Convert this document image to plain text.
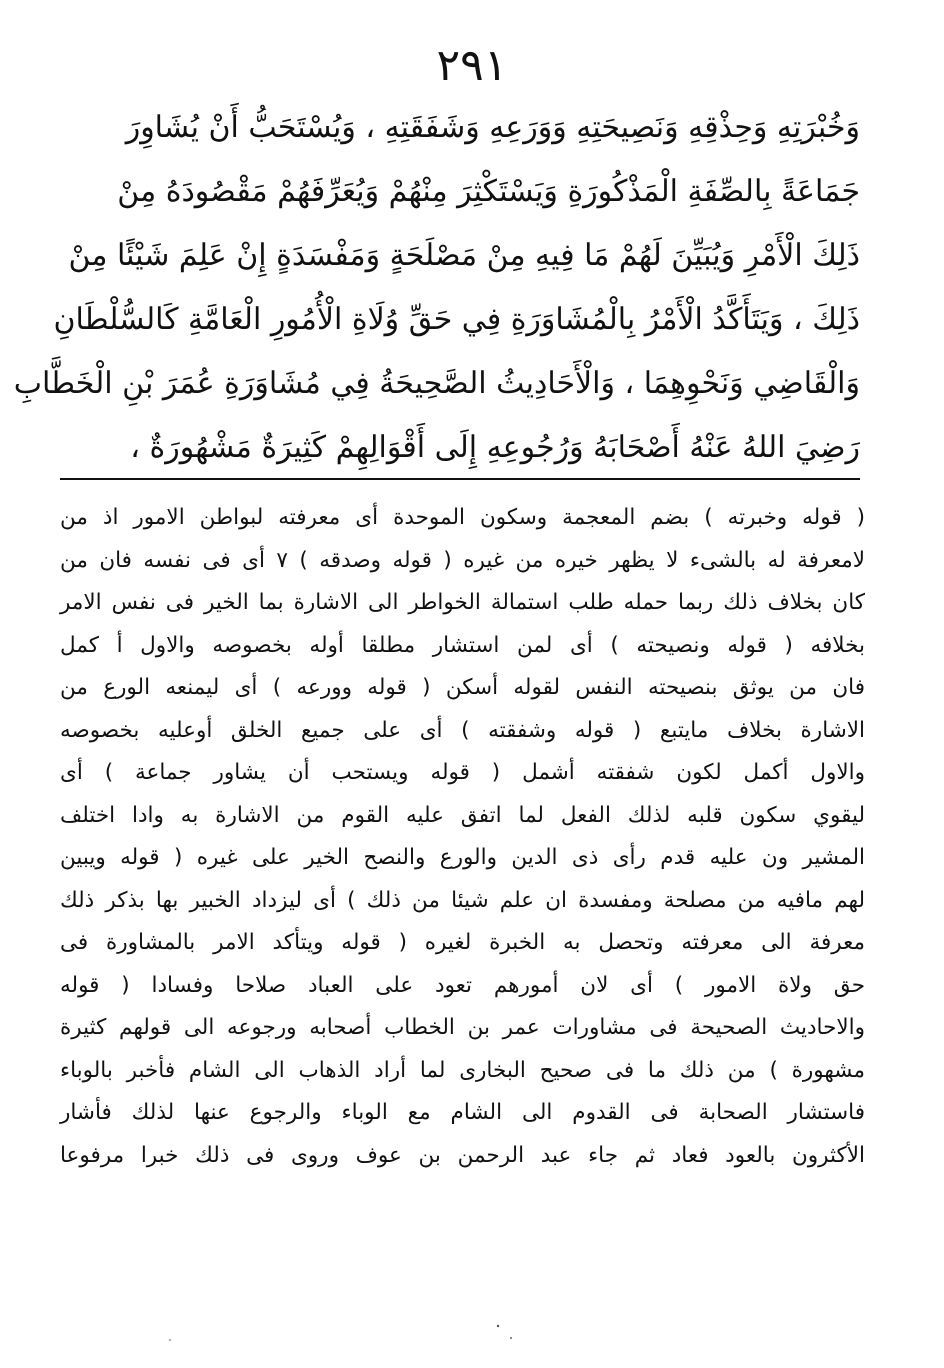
٢٩١
وَخُبْرَتِهِ وَحِذْقِهِ وَنَصِيحَتِهِ وَوَرَعِهِ وَشَفَقَتِهِ ، وَيُسْتَحَبُّ أَنْ يُشَاوِرَ
جَمَاعَةً بِالصِّفَةِ الْمَذْكُورَةِ وَيَسْتَكْثِرَ مِنْهُمْ وَيُعَرِّفَهُمْ مَقْصُودَهُ مِنْ
ذَلِكَ الْأَمْرِ وَيُبَيِّنَ لَهُمْ مَا فِيهِ مِنْ مَصْلَحَةٍ وَمَفْسَدَةٍ إِنْ عَلِمَ شَيْئًا مِنْ
ذَلِكَ ، وَيَتَأَكَّدُ الْأَمْرُ بِالْمُشَاوَرَةِ فِي حَقِّ وُلَاةِ الْأُمُورِ الْعَامَّةِ كَالسُّلْطَانِ
وَالْقَاضِي وَنَحْوِهِمَا ، وَالْأَحَادِيثُ الصَّحِيحَةُ فِي مُشَاوَرَةِ عُمَرَ بْنِ الْخَطَّابِ
رَضِيَ اللهُ عَنْهُ أَصْحَابَهُ وَرُجُوعِهِ إِلَى أَقْوَالِهِمْ كَثِيرَةٌ مَشْهُورَةٌ ،
( قوله وخبرته ) بضم المعجمة وسكون الموحدة أى معرفته لبواطن الامور اذ من
لامعرفة له بالشىء لا يظهر خيره من غيره ( قوله وصدقه ) ٧ أى فى نفسه فان من
كان بخلاف ذلك ربما حمله طلب استمالة الخواطر الى الاشارة بما الخير فى نفس الامر
بخلافه ( قوله ونصيحته ) أى لمن استشار مطلقا أوله بخصوصه والاول أ كمل
فان من يوثق بنصيحته النفس لقوله أسكن ( قوله وورعه ) أى ليمنعه الورع من
الاشارة بخلاف مايتبع ( قوله وشفقته ) أى على جميع الخلق أوعليه بخصوصه
والاول أكمل لكون شفقته أشمل ( قوله ويستحب أن يشاور جماعة ) أى
ليقوي سكون قلبه لذلك الفعل لما اتفق عليه القوم من الاشارة به وادا اختلف
المشير ون عليه قدم رأى ذى الدين والورع والنصح الخير على غيره ( قوله ويبين
لهم مافيه من مصلحة ومفسدة ان علم شيئا من ذلك ) أى ليزداد الخبير بها بذكر ذلك
معرفة الى معرفته وتحصل به الخبرة لغيره ( قوله ويتأكد الامر بالمشاورة فى
حق ولاة الامور ) أى لان أمورهم تعود على العباد صلاحا وفسادا ( قوله
والاحاديث الصحيحة فى مشاورات عمر بن الخطاب أصحابه ورجوعه الى قولهم كثيرة
مشهورة ) من ذلك ما فى صحيح البخارى لما أراد الذهاب الى الشام فأخبر بالوباء
فاستشار الصحابة فى القدوم الى الشام مع الوباء والرجوع عنها لذلك فأشار
الأكثرون بالعود فعاد ثم جاء عبد الرحمن بن عوف وروى فى ذلك خبرا مرفوعا
